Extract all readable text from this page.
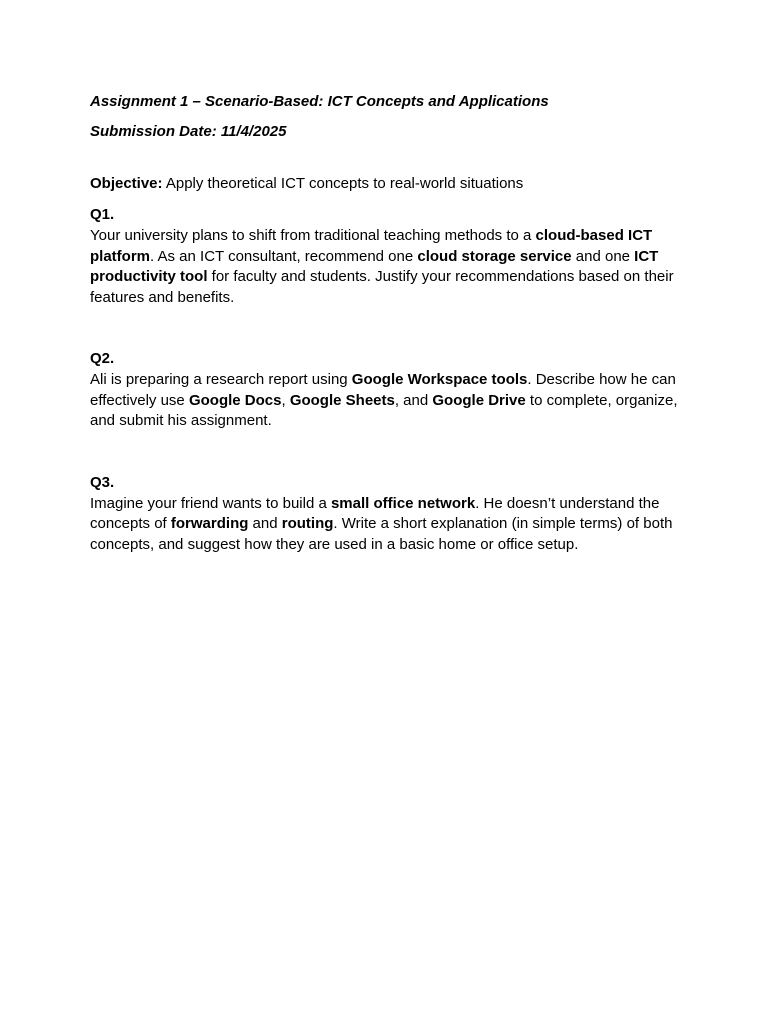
Assignment 1 – Scenario-Based: ICT Concepts and Applications

Submission Date: 11/4/2025

Objective: Apply theoretical ICT concepts to real-world situations

Q1.

Your university plans to shift from traditional teaching methods to a cloud-based ICT platform. As an ICT consultant, recommend one cloud storage service and one ICT productivity tool for faculty and students. Justify your recommendations based on their features and benefits.

Q2.

Ali is preparing a research report using Google Workspace tools. Describe how he can effectively use Google Docs, Google Sheets, and Google Drive to complete, organize, and submit his assignment.

Q3.

Imagine your friend wants to build a small office network. He doesn’t understand the concepts of forwarding and routing. Write a short explanation (in simple terms) of both concepts, and suggest how they are used in a basic home or office setup.
